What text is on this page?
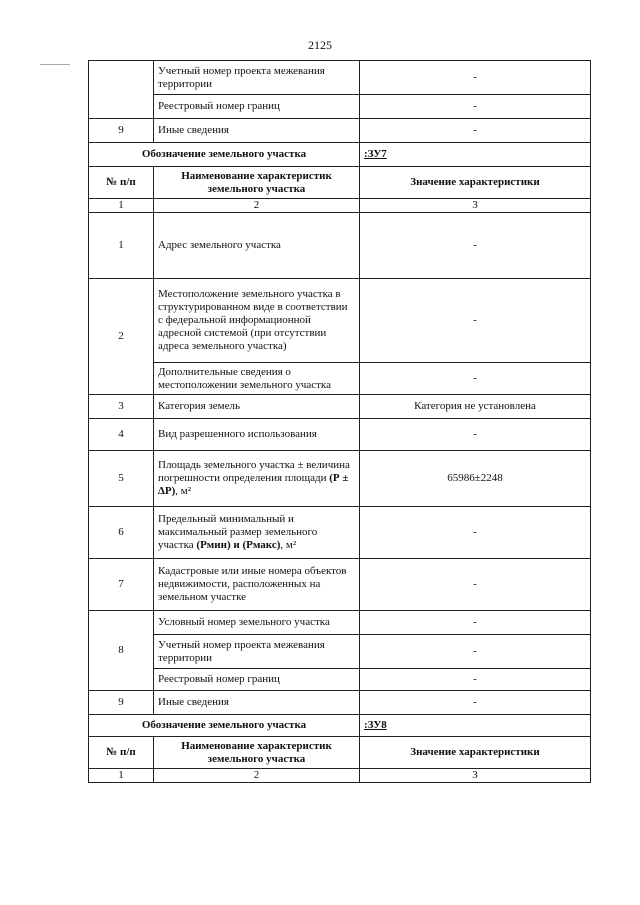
2125
	Учетный номер проекта межевания территории	-
	Реестровый номер границ	-
9	Иные сведения	-
Обозначение земельного участка		:ЗУ7
№ п/п	Наименование характеристик земельного участка	Значение характеристики
1	2	3
1	Адрес земельного участка	-
2	Местоположение земельного участка в структурированном виде в соответствии с федеральной информационной адресной системой (при отсутствии адреса земельного участка)	-
	Дополнительные сведения о местоположении земельного участка	-
3	Категория земель	Категория не установлена
4	Вид разрешенного использования	-
5	Площадь земельного участка ± величина погрешности определения площади (Р ± ΔР), м²	65986±2248
6	Предельный минимальный и максимальный размер земельного участка (Рмин) и (Рмакс), м²	-
7	Кадастровые или иные номера объектов недвижимости, расположенных на земельном участке	-
8	Условный номер земельного участка	-
	Учетный номер проекта межевания территории	-
	Реестровый номер границ	-
9	Иные сведения	-
Обозначение земельного участка		:ЗУ8
№ п/п	Наименование характеристик земельного участка	Значение характеристики
1	2	3
